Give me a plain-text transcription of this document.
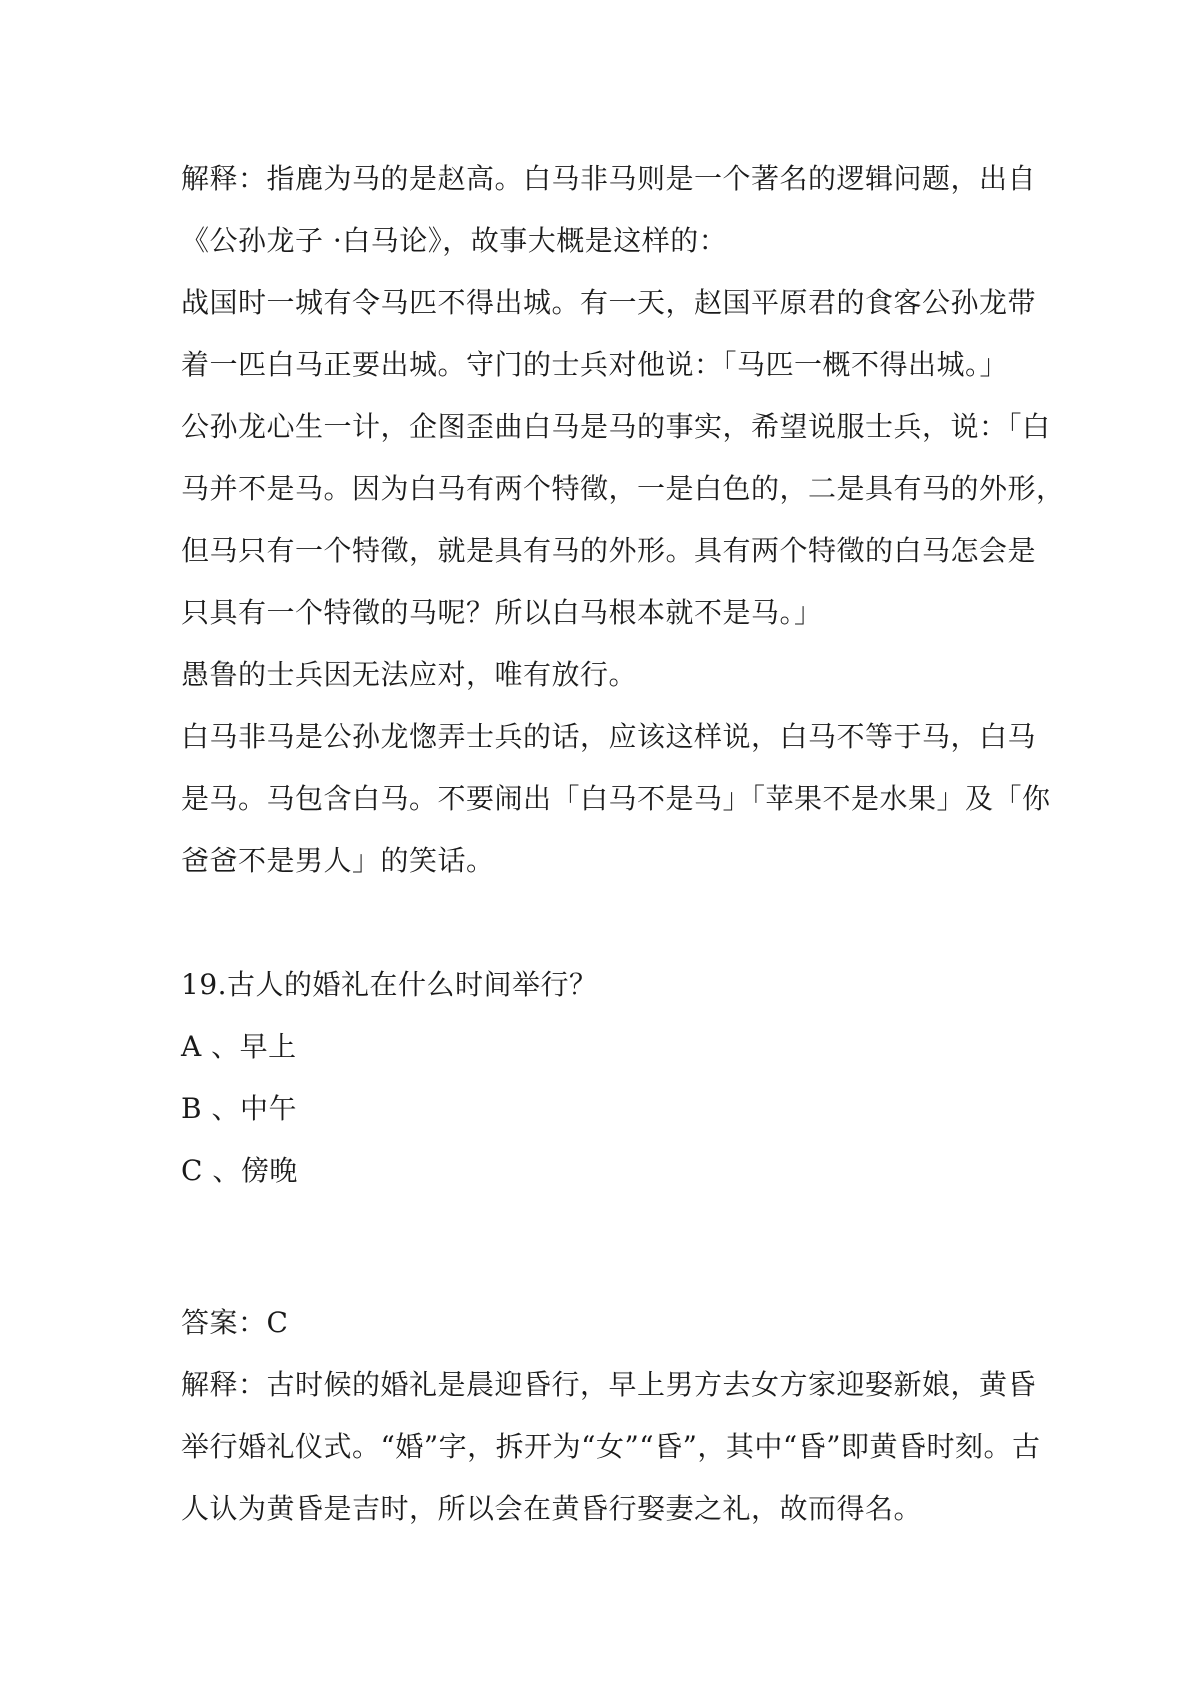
解释：指鹿为马的是赵高。白马非马则是一个著名的逻辑问题，出自
《公孙龙子 ·白马论》，故事大概是这样的：

战国时一城有令马匹不得出城。有一天，赵国平原君的食客公孙龙带
着一匹白马正要出城。守门的士兵对他说：「马匹一概不得出城。」
公孙龙心生一计，企图歪曲白马是马的事实，希望说服士兵，说：「白
马并不是马。因为白马有两个特徵，一是白色的，二是具有马的外形，
但马只有一个特徵，就是具有马的外形。具有两个特徵的白马怎会是
只具有一个特徵的马呢？所以白马根本就不是马。」

愚鲁的士兵因无法应对，唯有放行。

白马非马是公孙龙愡弄士兵的话，应该这样说，白马不等于马，白马
是马。马包含白马。不要闹出「白马不是马」「苹果不是水果」及「你
爸爸不是男人」的笑话。

19.古人的婚礼在什么时间举行？
A 、早上
B 、中午
C 、傍晚

答案：C
解释：古时候的婚礼是晨迎昏行，早上男方去女方家迎娶新娘，黄昏
举行婚礼仪式。“婚”字，拆开为“女”“昏”，其中“昏”即黄昏时刻。古
人认为黄昏是吉时，所以会在黄昏行娶妻之礼，故而得名。
